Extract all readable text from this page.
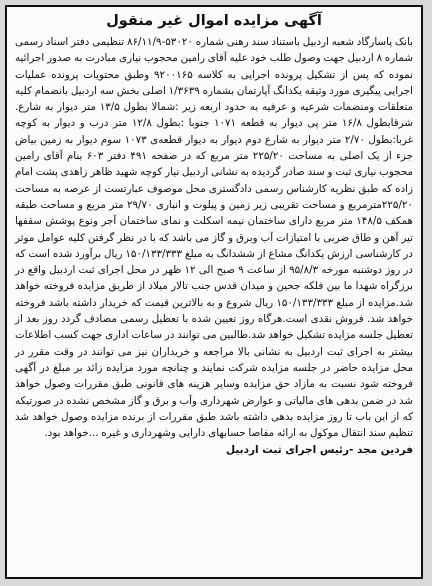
آگهی مزایده اموال غیر منقول

بانک پاسارگاد شعبه اردبیل باستناد سند رهنی شماره ۵۳۰۲۰-۸۶/۱۱/۹ تنظیمی دفتر اسناد رسمی شماره ۸ اردبیل جهت وصول طلب خود علیه آقای رامین محجوب نیاری مبادرت به صدور اجرائیه نموده که پس از تشکیل پرونده اجرایی به کلاسه ۹۲۰۰۱۶۵ وطبق محتویات پرونده عملیات اجرایی پیگیری مورد وثیقه یکدانگ آپارتمان بشماره ۱/۳۶۳۹ اصلی بخش سه اردبیل بانضمام کلیه متعلقات ومنضمات شرعیه و عرفیه به حدود اربعه زیر :شمالا بطول ۱۳/۵ متر دیوار به شارع. شرقابطول ۱۶/۸ متر پی دیوار به قطعه ۱۰۷۱ جنوبا :بطول ۱۲/۸ متر درب و دیوار به کوچه غربا:بطول ۲/۷۰ متر دیوار به شارع دوم دیوار به دیوار قطعه‌ی ۱۰۷۳ سوم دیوار به زمین بیاض جزء از یک اصلی به مساحت ۲۲۵/۲۰ متر مربع که در صفحه ۴۹۱ دفتر ۶۰۳ بنام آقای رامین محجوب نیاری ثبت و سند صادر گردیده به نشانی اردبیل نیار کوچه شهید ظاهر زاهدی پشت امام زاده که طبق نظریه کارشناس رسمی دادگستری محل موصوف عبارتست از عرصه به مساحت ۲۲۵/۲۰مترمربع و مساحت تقریبی زیر زمین و پیلوت و انباری ۲۹/۷۰ متر مربع و مساحت طبقه همکف ۱۴۸/۵ متر مربع دارای ساختمان نیمه اسکلت و نمای ساختمان آجر ونوع پوشش سقفها تیر آهن و طاق ضربی با امتیازات آب وبرق و گاز می باشد که با در نظر گرفتن کلیه عوامل موثر در کارشناسی ارزش یکدانگ مشاع از ششدانگ به مبلغ ۱۵۰/۱۳۳/۳۳۳ ریال برآورد شده است که در روز دوشنبه مورخه ۹۵/۸/۳ از ساعت ۹ صبح الی ۱۲ ظهر در محل اجرای ثبت اردبیل واقع در برزگراه شهدا ما بین فلکه جحین و میدان قدس جنب تالار میلاد از طریق مزایده فروخته خواهد شد.مزایده از مبلغ ۱۵۰/۱۳۳/۳۳۳ ریال شروع و به بالاترین قیمت که خریدار داشته باشد فروخته خواهد شد. فروش نقدی است.هرگاه روز تعیین شده با تعطیل رسمی مصادف گردد روز بعد از تعطیل جلسه مزایده تشکیل خواهد شد.طالبین می توانند در ساعات اداری جهت کسب اطلاعات بیشتر به اجرای ثبت اردبیل به نشانی بالا مراجعه و خریداران نیز می توانند در وقت مقرر در محل مزایده حاضر در جلسه مزایده شرکت نمایند و چنانچه مورد مزایده زائد بر مبلغ در آگهی فروخته شود نسبت به مازاد حق مزایده وسایر هزینه های قانونی طبق مقررات وصول خواهد شد در ضمن بدهی های مالیاتی و عوارض شهرداری وآب و برق و گاز مشخص نشده در صورتیکه که از این باب تا روز مزایده بدهی داشته باشد طبق مقررات از برنده مزایده وصول خواهد شد تنظیم سند انتقال موکول به ارائه مفاصا حسابهای دارایی وشهرداری و غیره ...خواهد بود.

فردین مجد -رئیس اجرای ثبت اردبیل
